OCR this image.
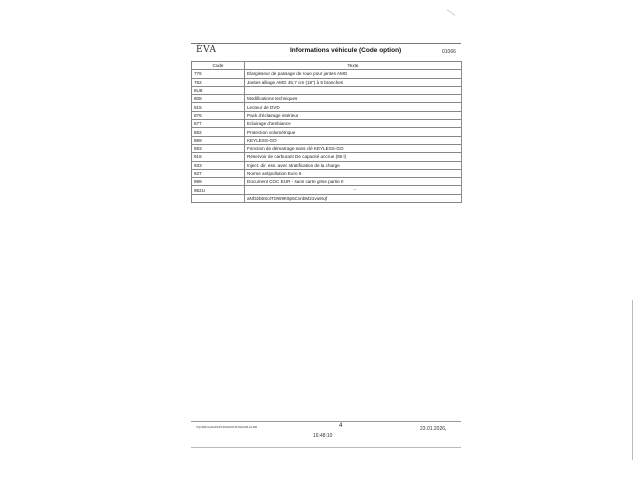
ÈVA	Informations véhicule (Code option)	01066
Code	Texte
776	Elargisseur de passage de roue pour jantes AMG
782	Jantes alliage AMG 45,7 cm (18") à 5 branches
8U8	
808	Modifications techniques
815	Lecteur de DVD
876	Pack d'éclairage intérieur
877	Eclairage d'ambiance
882	Protection volumétrique
889	KEYLESS-GO
893	Fonction de démarrage sans clé KEYLESS-GO
916	Réservoir de carburant De capacité accrue (66 l)
933	Inject. dir. ess. avec stratification de la charge
927	Norme antipollution Euro 6
998	Document COC EUR - sans carte grise partie II
982U	
	aNf3zb6SoiTOW9K9p5CvnbM21vu9rqf
—
VQcRRmwNxZ9rP1ZtMe5lOJFJ9GZ96-ALDB	4	23.01.2026,
16:48:10
